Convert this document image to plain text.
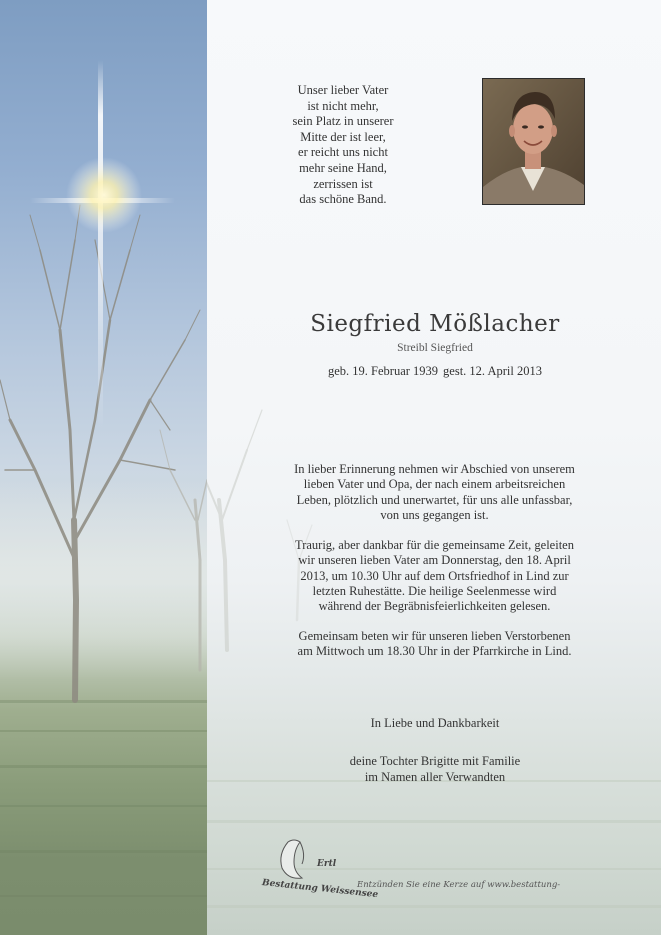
Unser lieber Vater
ist nicht mehr,
sein Platz in unserer
Mitte der ist leer,
er reicht uns nicht
mehr seine Hand,
zerrissen ist
das schöne Band.
Siegfried Mößlacher
Streibl Siegfried
geb. 19. Februar 1939 gest. 12. April 2013
In lieber Erinnerung nehmen wir Abschied von unserem
lieben Vater und Opa, der nach einem arbeitsreichen
Leben, plötzlich und unerwartet, für uns alle unfassbar,
von uns gegangen ist.
Traurig, aber dankbar für die gemeinsame Zeit, geleiten
wir unseren lieben Vater am Donnerstag, den 18. April
2013, um 10.30 Uhr auf dem Ortsfriedhof in Lind zur
letzten Ruhestätte. Die heilige Seelenmesse wird
während der Begräbnisfeierlichkeiten gelesen.
Gemeinsam beten wir für unseren lieben Verstorbenen
am Mittwoch um 18.30 Uhr in der Pfarrkirche in Lind.
In Liebe und Dankbarkeit
deine Tochter Brigitte mit Familie
im Namen aller Verwandten
Ertl
Bestattung Weissensee
Entzünden Sie eine Kerze auf www.bestattung-
